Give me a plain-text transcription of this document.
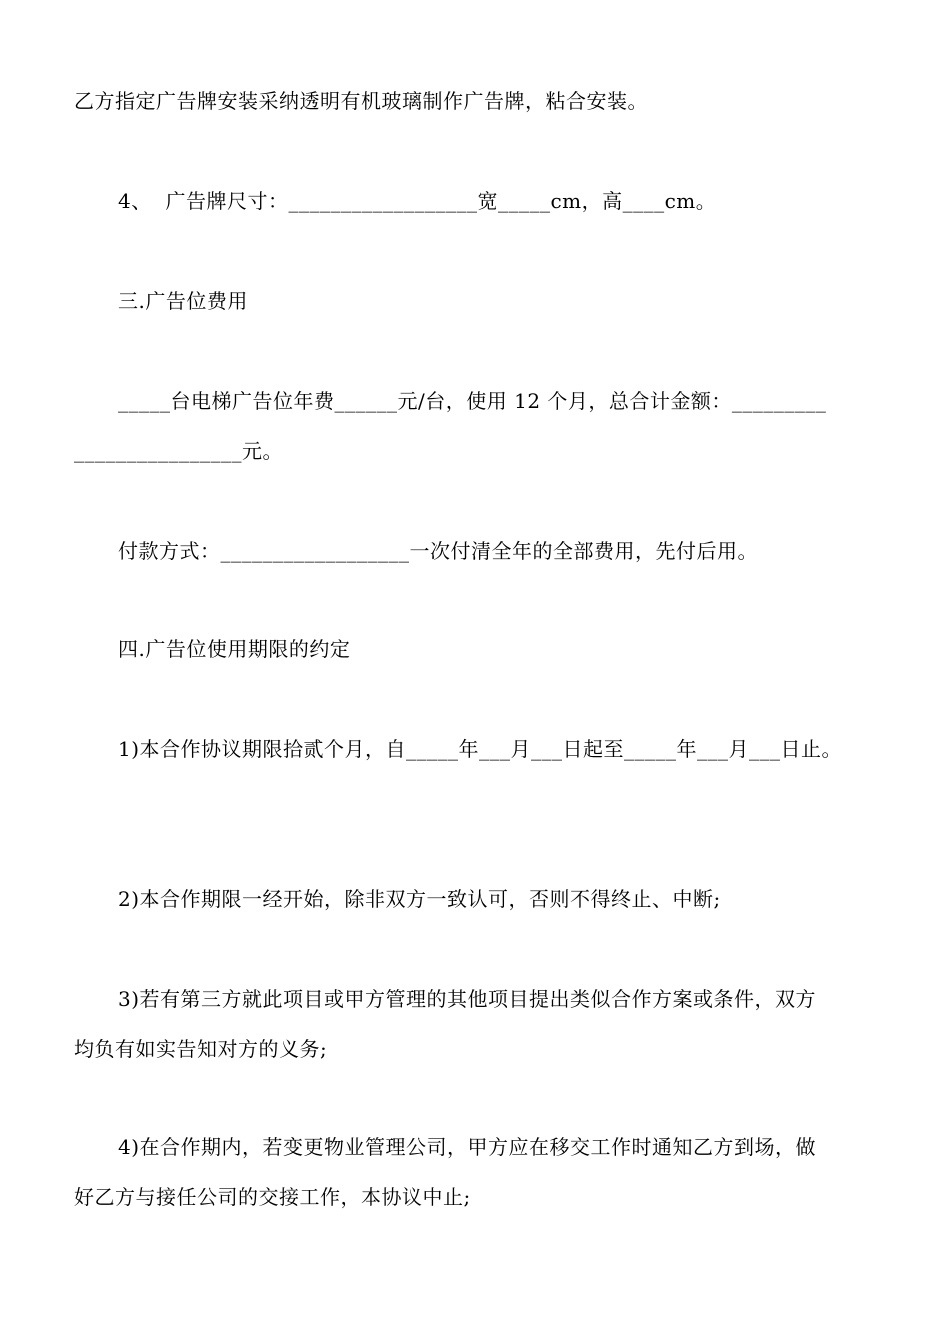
乙方指定广告牌安装采纳透明有机玻璃制作广告牌，粘合安装。
4、  广告牌尺寸：__________________宽_____cm，高____cm。
三.广告位费用
_____台电梯广告位年费______元/台，使用 12 个月，总合计金额：_________
________________元。
付款方式：__________________一次付清全年的全部费用，先付后用。
四.广告位使用期限的约定
1)本合作协议期限拾贰个月，自_____年___月___日起至_____年___月___日止。
2)本合作期限一经开始，除非双方一致认可，否则不得终止、中断;
3)若有第三方就此项目或甲方管理的其他项目提出类似合作方案或条件，双方
均负有如实告知对方的义务;
4)在合作期内，若变更物业管理公司，甲方应在移交工作时通知乙方到场，做
好乙方与接任公司的交接工作，本协议中止;
